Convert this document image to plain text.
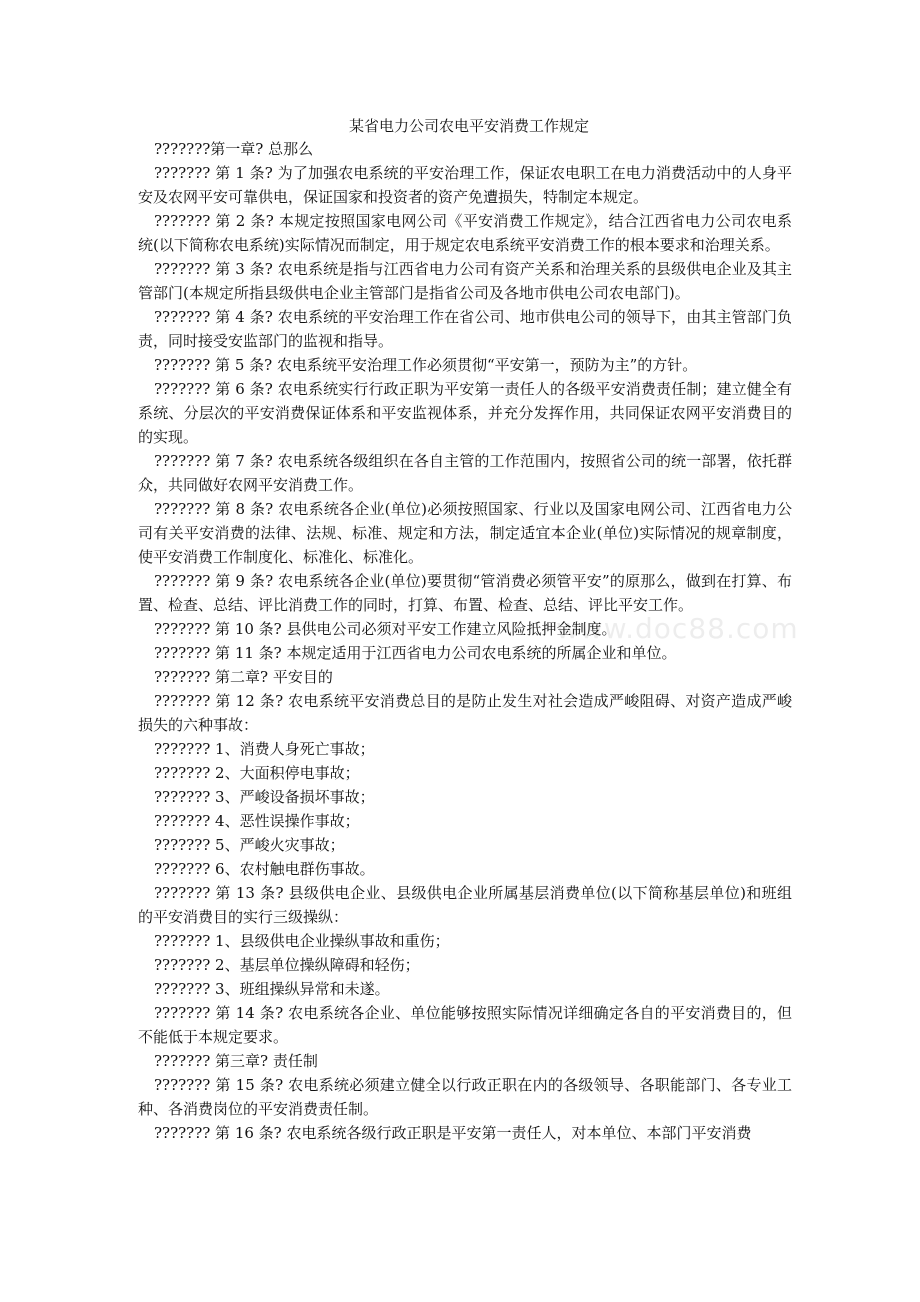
某省电力公司农电平安消费工作规定

???????第一章? 总那么

??????? 第 1 条? 为了加强农电系统的平安治理工作，保证农电职工在电力消费活动中的人身平安及农网平安可靠供电，保证国家和投资者的资产免遭损失，特制定本规定。

??????? 第 2 条? 本规定按照国家电网公司《平安消费工作规定》，结合江西省电力公司农电系统(以下简称农电系统)实际情况而制定，用于规定农电系统平安消费工作的根本要求和治理关系。

??????? 第 3 条? 农电系统是指与江西省电力公司有资产关系和治理关系的县级供电企业及其主管部门(本规定所指县级供电企业主管部门是指省公司及各地市供电公司农电部门)。

??????? 第 4 条? 农电系统的平安治理工作在省公司、地市供电公司的领导下，由其主管部门负责，同时接受安监部门的监视和指导。

??????? 第 5 条? 农电系统平安治理工作必须贯彻“平安第一，预防为主”的方针。

??????? 第 6 条? 农电系统实行行政正职为平安第一责任人的各级平安消费责任制；建立健全有系统、分层次的平安消费保证体系和平安监视体系，并充分发挥作用，共同保证农网平安消费目的的实现。

??????? 第 7 条? 农电系统各级组织在各自主管的工作范围内，按照省公司的统一部署，依托群众，共同做好农网平安消费工作。

??????? 第 8 条? 农电系统各企业(单位)必须按照国家、行业以及国家电网公司、江西省电力公司有关平安消费的法律、法规、标准、规定和方法，制定适宜本企业(单位)实际情况的规章制度，使平安消费工作制度化、标准化、标准化。

??????? 第 9 条? 农电系统各企业(单位)要贯彻“管消费必须管平安”的原那么，做到在打算、布置、检查、总结、评比消费工作的同时，打算、布置、检查、总结、评比平安工作。

??????? 第 10 条? 县供电公司必须对平安工作建立风险抵押金制度。

??????? 第 11 条? 本规定适用于江西省电力公司农电系统的所属企业和单位。

??????? 第二章? 平安目的

??????? 第 12 条? 农电系统平安消费总目的是防止发生对社会造成严峻阻碍、对资产造成严峻损失的六种事故：

??????? 1、消费人身死亡事故；

??????? 2、大面积停电事故；

??????? 3、严峻设备损坏事故；

??????? 4、恶性误操作事故；

??????? 5、严峻火灾事故；

??????? 6、农村触电群伤事故。

??????? 第 13 条? 县级供电企业、县级供电企业所属基层消费单位(以下简称基层单位)和班组的平安消费目的实行三级操纵：

??????? 1、县级供电企业操纵事故和重伤；

??????? 2、基层单位操纵障碍和轻伤；

??????? 3、班组操纵异常和未遂。

??????? 第 14 条? 农电系统各企业、单位能够按照实际情况详细确定各自的平安消费目的，但不能低于本规定要求。

??????? 第三章? 责任制

??????? 第 15 条? 农电系统必须建立健全以行政正职在内的各级领导、各职能部门、各专业工种、各消费岗位的平安消费责任制。

??????? 第 16 条? 农电系统各级行政正职是平安第一责任人，对本单位、本部门平安消费

www.doc88.com
